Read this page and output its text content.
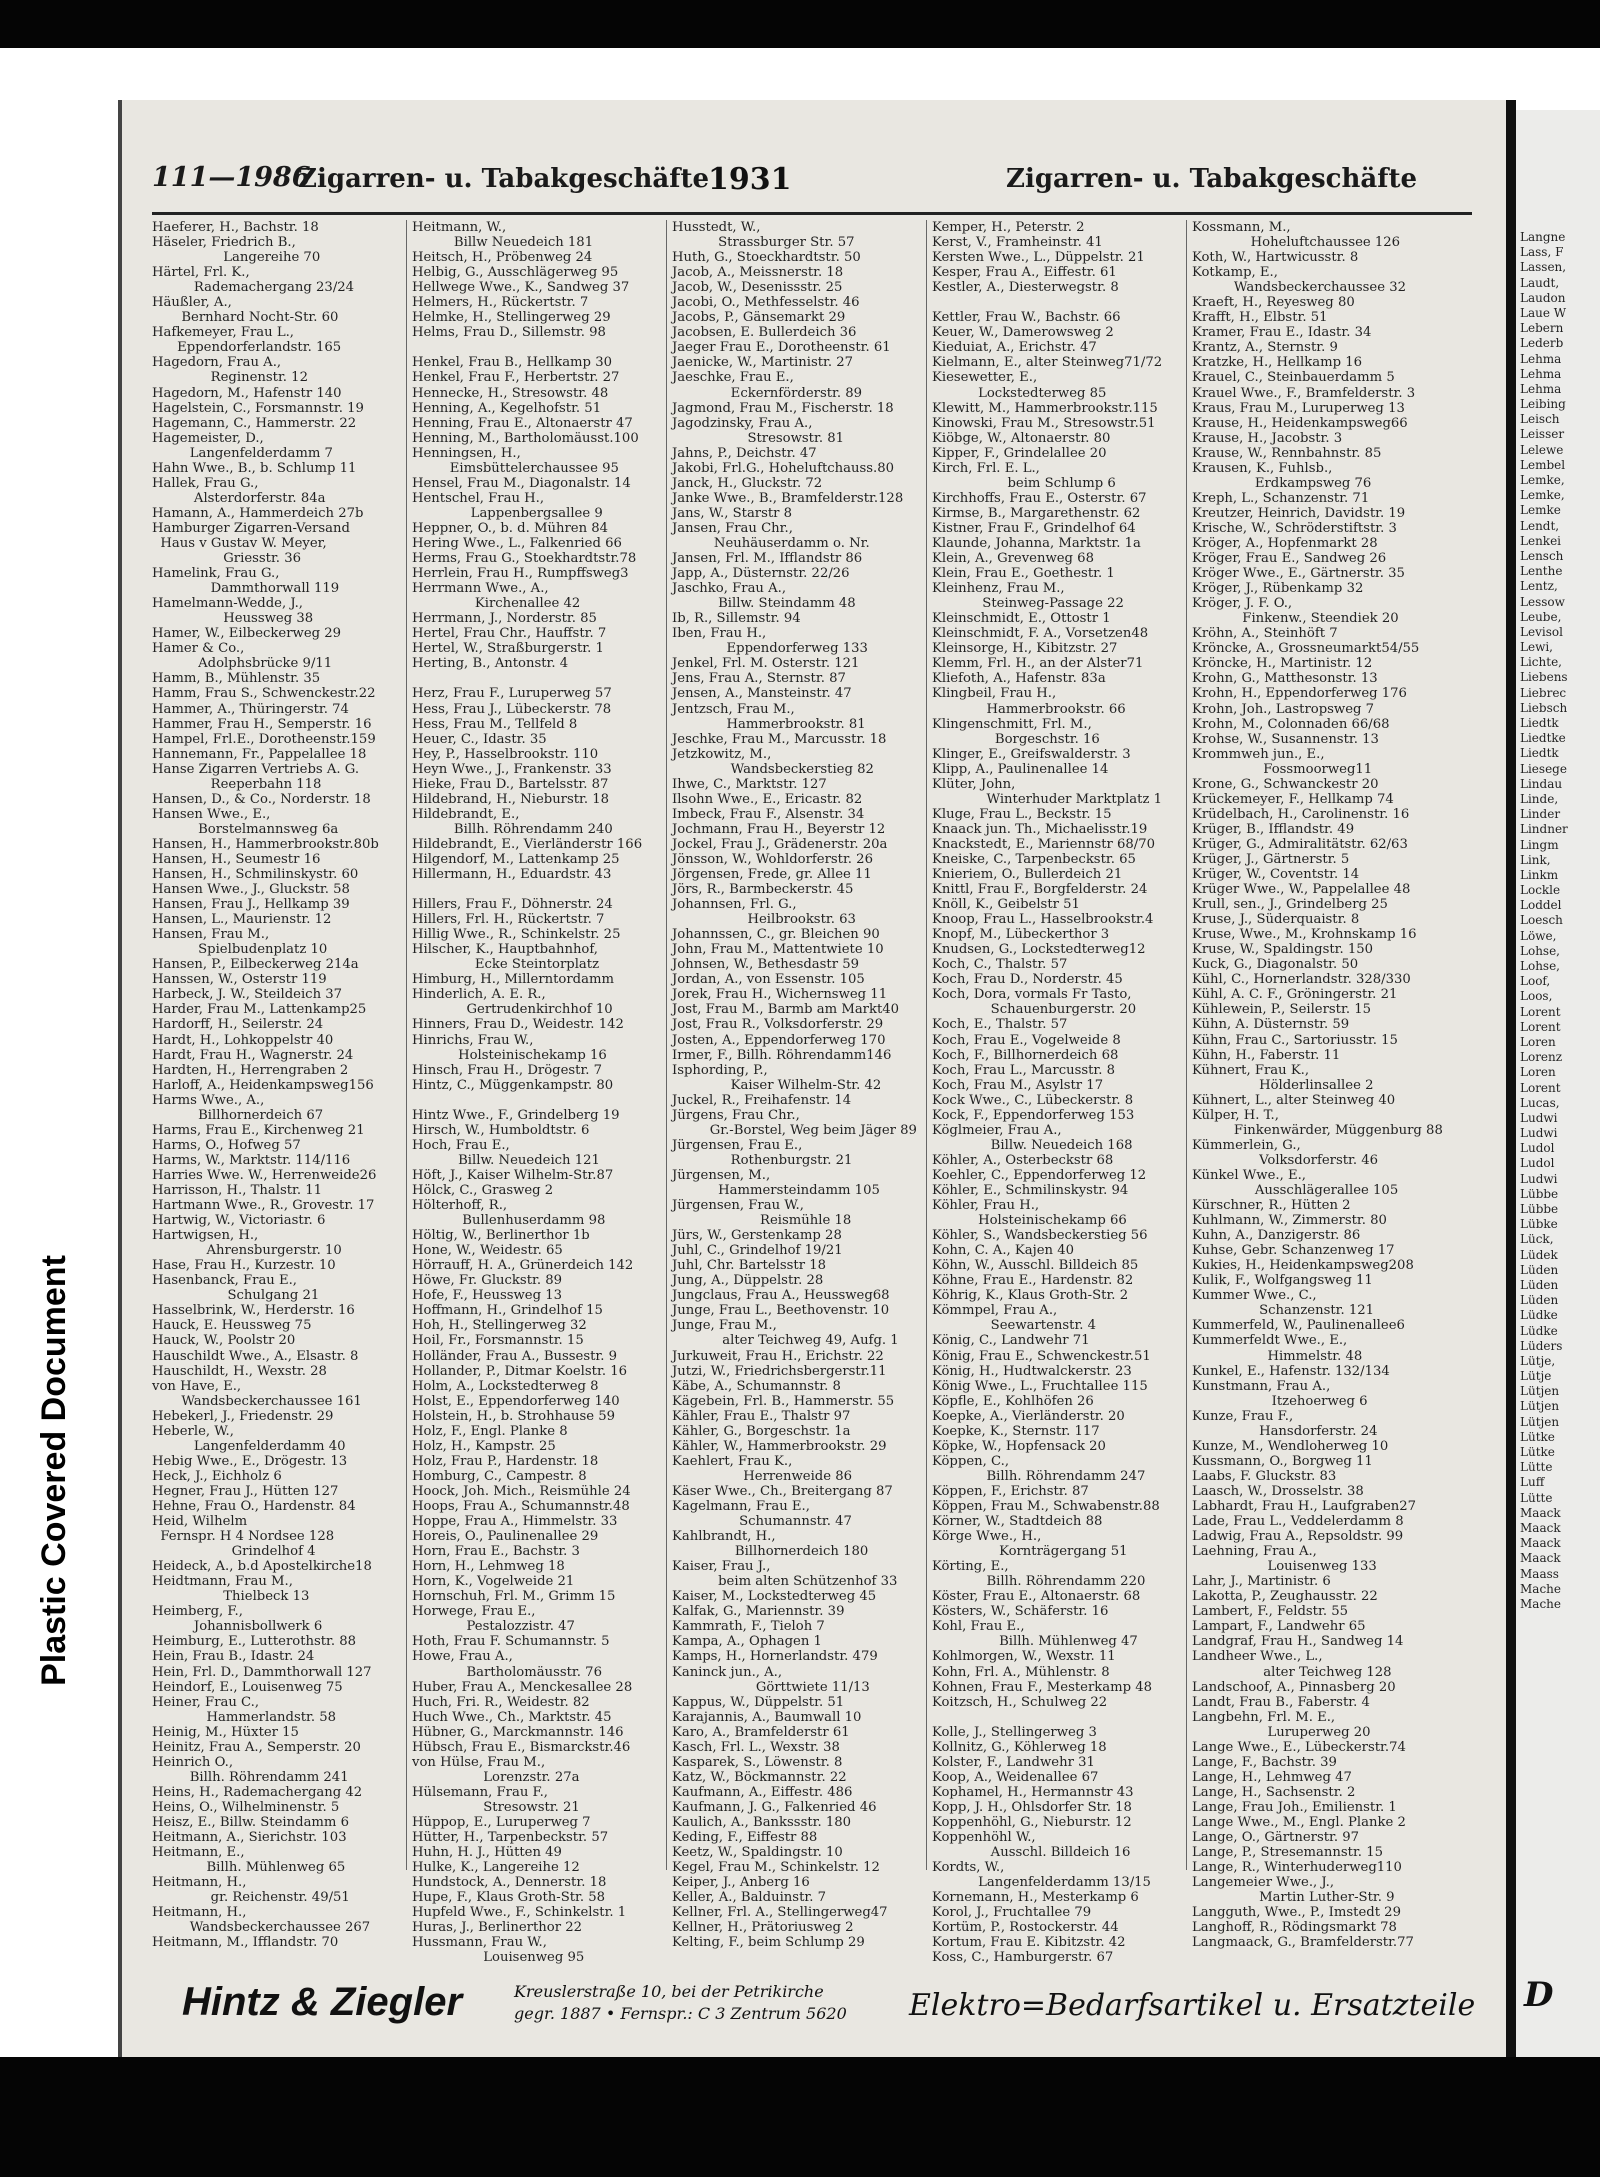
Plastic Covered Document
111—1986
Zigarren- u. Tabakgeschäfte 1931	Zigarren- u. Tabakgeschäfte
Haeferer, H., Bachstr. 18
Häseler, Friedrich B.,
Langereihe 70
Härtel, Frl. K.,
Rademachergang 23/24
Häußler, A.,
Bernhard Nocht-Str. 60
Hafkemeyer, Frau L.,
Eppendorferlandstr. 165
Hagedorn, Frau A.,
Reginenstr. 12
Hagedorn, M., Hafenstr 140
Hagelstein, C., Forsmannstr. 19
Hagemann, C., Hammerstr. 22
Hagemeister, D.,
Langenfelderdamm 7
Hahn Wwe., B., b. Schlump 11
Hallek, Frau G.,
Alsterdorferstr. 84a
Hamann, A., Hammerdeich 27b
Hamburger Zigarren-Versand
Haus v Gustav W. Meyer,
Griesstr. 36
Hamelink, Frau G.,
Dammthorwall 119
Hamelmann-Wedde, J.,
Heussweg 38
Hamer, W., Eilbeckerweg 29
Hamer & Co.,
Adolphsbrücke 9/11
Hamm, B., Mühlenstr. 35
Hamm, Frau S., Schwenckestr.22
Hammer, A., Thüringerstr. 74
Hammer, Frau H., Semperstr. 16
Hampel, Frl.E., Dorotheenstr.159
Hannemann, Fr., Pappelallee 18
Hanse Zigarren Vertriebs A. G.
Reeperbahn 118
Hansen, D., & Co., Norderstr. 18
Hansen Wwe., E.,
Borstelmannsweg 6a
Hansen, H., Hammerbrookstr.80b
Hansen, H., Seumestr 16
Hansen, H., Schmilinskystr. 60
Hansen Wwe., J., Gluckstr. 58
Hansen, Frau J., Hellkamp 39
Hansen, L., Maurienstr. 12
Hansen, Frau M.,
Spielbudenplatz 10
Hansen, P., Eilbeckerweg 214a
Hanssen, W., Osterstr 119
Harbeck, J. W., Steildeich 37
Harder, Frau M., Lattenkamp25
Hardorff, H., Seilerstr. 24
Hardt, H., Lohkoppelstr 40
Hardt, Frau H., Wagnerstr. 24
Hardten, H., Herrengraben 2
Harloff, A., Heidenkampsweg156
Harms Wwe., A.,
Billhornerdeich 67
Harms, Frau E., Kirchenweg 21
Harms, O., Hofweg 57
Harms, W., Marktstr. 114/116
Harries Wwe. W., Herrenweide26
Harrisson, H., Thalstr. 11
Hartmann Wwe., R., Grovestr. 17
Hartwig, W., Victoriastr. 6
Hartwigsen, H.,
Ahrensburgerstr. 10
Hase, Frau H., Kurzestr. 10
Hasenbanck, Frau E.,
Schulgang 21
Hasselbrink, W., Herderstr. 16
Hauck, E. Heussweg 75
Hauck, W., Poolstr 20
Hauschildt Wwe., A., Elsastr. 8
Hauschildt, H., Wexstr. 28
von Have, E.,
Wandsbeckerchaussee 161
Hebekerl, J., Friedenstr. 29
Heberle, W.,
Langenfelderdamm 40
Hebig Wwe., E., Drögestr. 13
Heck, J., Eichholz 6
Hegner, Frau J., Hütten 127
Hehne, Frau O., Hardenstr. 84
Heid, Wilhelm
Fernspr. H 4 Nordsee 128
Grindelhof 4
Heideck, A., b.d Apostelkirche18
Heidtmann, Frau M.,
Thielbeck 13
Heimberg, F.,
Johannisbollwerk 6
Heimburg, E., Lutterothstr. 88
Hein, Frau B., Idastr. 24
Hein, Frl. D., Dammthorwall 127
Heindorf, E., Louisenweg 75
Heiner, Frau C.,
Hammerlandstr. 58
Heinig, M., Hüxter 15
Heinitz, Frau A., Semperstr. 20
Heinrich O.,
Billh. Röhrendamm 241
Heins, H., Rademachergang 42
Heins, O., Wilhelminenstr. 5
Heisz, E., Billw. Steindamm 6
Heitmann, A., Sierichstr. 103
Heitmann, E.,
Billh. Mühlenweg 65
Heitmann, H.,
gr. Reichenstr. 49/51
Heitmann, H.,
Wandsbeckerchaussee 267
Heitmann, M., Ifflandstr. 70
Heitmann, W.,
Billw Neuedeich 181
Heitsch, H., Pröbenweg 24
Helbig, G., Ausschlägerweg 95
Hellwege Wwe., K., Sandweg 37
Helmers, H., Rückertstr. 7
Helmke, H., Stellingerweg 29
Helms, Frau D., Sillemstr. 98
Henkel, Frau B., Hellkamp 30
Henkel, Frau F., Herbertstr. 27
Hennecke, H., Stresowstr. 48
Henning, A., Kegelhofstr. 51
Henning, Frau E., Altonaerstr 47
Henning, M., Bartholomäusst.100
Henningsen, H.,
Eimsbüttelerchaussee 95
Hensel, Frau M., Diagonalstr. 14
Hentschel, Frau H.,
Lappenbergsallee 9
Heppner, O., b. d. Mühren 84
Hering Wwe., L., Falkenried 66
Herms, Frau G., Stoekhardtstr.78
Herrlein, Frau H., Rumpffsweg3
Herrmann Wwe., A.,
Kirchenallee 42
Herrmann, J., Norderstr. 85
Hertel, Frau Chr., Hauffstr. 7
Hertel, W., Straßburgerstr. 1
Herting, B., Antonstr. 4
Herz, Frau F., Luruperweg 57
Hess, Frau J., Lübeckerstr. 78
Hess, Frau M., Tellfeld 8
Heuer, C., Idastr. 35
Hey, P., Hasselbrookstr. 110
Heyn Wwe., J., Frankenstr. 33
Hieke, Frau D., Bartelsstr. 87
Hildebrand, H., Nieburstr. 18
Hildebrandt, E.,
Billh. Röhrendamm 240
Hildebrandt, E., Vierländerstr 166
Hilgendorf, M., Lattenkamp 25
Hillermann, H., Eduardstr. 43
Hillers, Frau F., Döhnerstr. 24
Hillers, Frl. H., Rückertstr. 7
Hillig Wwe., R., Schinkelstr. 25
Hilscher, K., Hauptbahnhof,
Ecke Steintorplatz
Himburg, H., Millerntordamm
Hinderlich, A. E. R.,
Gertrudenkirchhof 10
Hinners, Frau D., Weidestr. 142
Hinrichs, Frau W.,
Holsteinischekamp 16
Hinsch, Frau H., Drögestr. 7
Hintz, C., Müggenkampstr. 80
Hintz Wwe., F., Grindelberg 19
Hirsch, W., Humboldtstr. 6
Hoch, Frau E.,
Billw. Neuedeich 121
Höft, J., Kaiser Wilhelm-Str.87
Hölck, C., Grasweg 2
Hölterhoff, R.,
Bullenhuserdamm 98
Höltig, W., Berlinerthor 1b
Hone, W., Weidestr. 65
Hörrauff, H. A., Grünerdeich 142
Höwe, Fr. Gluckstr. 89
Hofe, F., Heussweg 13
Hoffmann, H., Grindelhof 15
Hoh, H., Stellingerweg 32
Hoil, Fr., Forsmannstr. 15
Holländer, Frau A., Bussestr. 9
Hollander, P., Ditmar Koelstr. 16
Holm, A., Lockstedterweg 8
Holst, E., Eppendorferweg 140
Holstein, H., b. Strohhause 59
Holz, F., Engl. Planke 8
Holz, H., Kampstr. 25
Holz, Frau P., Hardenstr. 18
Homburg, C., Campestr. 8
Hoock, Joh. Mich., Reismühle 24
Hoops, Frau A., Schumannstr.48
Hoppe, Frau A., Himmelstr. 33
Horeis, O., Paulinenallee 29
Horn, Frau E., Bachstr. 3
Horn, H., Lehmweg 18
Horn, K., Vogelweide 21
Hornschuh, Frl. M., Grimm 15
Horwege, Frau E.,
Pestalozzistr. 47
Hoth, Frau F. Schumannstr. 5
Howe, Frau A.,
Bartholomäusstr. 76
Huber, Frau A., Menckesallee 28
Huch, Fri. R., Weidestr. 82
Huch Wwe., Ch., Marktstr. 45
Hübner, G., Marckmannstr. 146
Hübsch, Frau E., Bismarckstr.46
von Hülse, Frau M.,
Lorenzstr. 27a
Hülsemann, Frau F.,
Stresowstr. 21
Hüppop, E., Luruperweg 7
Hütter, H., Tarpenbeckstr. 57
Huhn, H. J., Hütten 49
Hulke, K., Langereihe 12
Hundstock, A., Dennerstr. 18
Hupe, F., Klaus Groth-Str. 58
Hupfeld Wwe., F., Schinkelstr. 1
Huras, J., Berlinerthor 22
Hussmann, Frau W.,
Louisenweg 95
Husstedt, W.,
Strassburger Str. 57
Huth, G., Stoeckhardtstr. 50
Jacob, A., Meissnerstr. 18
Jacob, W., Desenissstr. 25
Jacobi, O., Methfesselstr. 46
Jacobs, P., Gänsemarkt 29
Jacobsen, E. Bullerdeich 36
Jaeger Frau E., Dorotheenstr. 61
Jaenicke, W., Martinistr. 27
Jaeschke, Frau E.,
Eckernförderstr. 89
Jagmond, Frau M., Fischerstr. 18
Jagodzinsky, Frau A.,
Stresowstr. 81
Jahns, P., Deichstr. 47
Jakobi, Frl.G., Hoheluftchauss.80
Janck, H., Gluckstr. 72
Janke Wwe., B., Bramfelderstr.128
Jans, W., Starstr 8
Jansen, Frau Chr.,
Neuhäuserdamm o. Nr.
Jansen, Frl. M., Ifflandstr 86
Japp, A., Düsternstr. 22/26
Jaschko, Frau A.,
Billw. Steindamm 48
Ib, R., Sillemstr. 94
Iben, Frau H.,
Eppendorferweg 133
Jenkel, Frl. M. Osterstr. 121
Jens, Frau A., Sternstr. 87
Jensen, A., Mansteinstr. 47
Jentzsch, Frau M.,
Hammerbrookstr. 81
Jeschke, Frau M., Marcusstr. 18
Jetzkowitz, M.,
Wandsbeckerstieg 82
Ihwe, C., Marktstr. 127
Ilsohn Wwe., E., Ericastr. 82
Imbeck, Frau F., Alsenstr. 34
Jochmann, Frau H., Beyerstr 12
Jockel, Frau J., Grädenerstr. 20a
Jönsson, W., Wohldorferstr. 26
Jörgensen, Frede, gr. Allee 11
Jörs, R., Barmbeckerstr. 45
Johannsen, Frl. G.,
Heilbrookstr. 63
Johannssen, C., gr. Bleichen 90
John, Frau M., Mattentwiete 10
Johnsen, W., Bethesdastr 59
Jordan, A., von Essenstr. 105
Jorek, Frau H., Wichernsweg 11
Jost, Frau M., Barmb am Markt40
Jost, Frau R., Volksdorferstr. 29
Josten, A., Eppendorferweg 170
Irmer, F., Billh. Röhrendamm146
Isphording, P.,
Kaiser Wilhelm-Str. 42
Juckel, R., Freihafenstr. 14
Jürgens, Frau Chr.,
Gr.-Borstel, Weg beim Jäger 89
Jürgensen, Frau E.,
Rothenburgstr. 21
Jürgensen, M.,
Hammersteindamm 105
Jürgensen, Frau W.,
Reismühle 18
Jürs, W., Gerstenkamp 28
Juhl, C., Grindelhof 19/21
Juhl, Chr. Bartelsstr 18
Jung, A., Düppelstr. 28
Jungclaus, Frau A., Heussweg68
Junge, Frau L., Beethovenstr. 10
Junge, Frau M.,
alter Teichweg 49, Aufg. 1
Jurkuweit, Frau H., Erichstr. 22
Jutzi, W., Friedrichsbergerstr.11
Käbe, A., Schumannstr. 8
Kägebein, Frl. B., Hammerstr. 55
Kähler, Frau E., Thalstr 97
Kähler, G., Borgeschstr. 1a
Kähler, W., Hammerbrookstr. 29
Kaehlert, Frau K.,
Herrenweide 86
Käser Wwe., Ch., Breitergang 87
Kagelmann, Frau E.,
Schumannstr. 47
Kahlbrandt, H.,
Billhornerdeich 180
Kaiser, Frau J.,
beim alten Schützenhof 33
Kaiser, M., Lockstedterweg 45
Kalfak, G., Mariennstr. 39
Kammrath, F., Tieloh 7
Kampa, A., Ophagen 1
Kamps, H., Hornerlandstr. 479
Kaninck jun., A.,
Görttwiete 11/13
Kappus, W., Düppelstr. 51
Karajannis, A., Baumwall 10
Karo, A., Bramfelderstr 61
Kasch, Frl. L., Wexstr. 38
Kasparek, S., Löwenstr. 8
Katz, W., Böckmannstr. 22
Kaufmann, A., Eiffestr. 486
Kaufmann, J. G., Falkenried 46
Kaulich, A., Bankssstr. 180
Keding, F., Eiffestr 88
Keetz, W., Spaldingstr. 10
Kegel, Frau M., Schinkelstr. 12
Keiper, J., Anberg 16
Keller, A., Balduinstr. 7
Kellner, Frl. A., Stellingerweg47
Kellner, H., Prätoriusweg 2
Kelting, F., beim Schlump 29
Kemper, H., Peterstr. 2
Kerst, V., Framheinstr. 41
Kersten Wwe., L., Düppelstr. 21
Kesper, Frau A., Eiffestr. 61
Kestler, A., Diesterwegstr. 8
Kettler, Frau W., Bachstr. 66
Keuer, W., Damerowsweg 2
Kieduiat, A., Erichstr. 47
Kielmann, E., alter Steinweg71/72
Kiesewetter, E.,
Lockstedterweg 85
Klewitt, M., Hammerbrookstr.115
Kinowski, Frau M., Stresowstr.51
Kiöbge, W., Altonaerstr. 80
Kipper, F., Grindelallee 20
Kirch, Frl. E. L.,
beim Schlump 6
Kirchhoffs, Frau E., Osterstr. 67
Kirmse, B., Margarethenstr. 62
Kistner, Frau F., Grindelhof 64
Klaunde, Johanna, Marktstr. 1a
Klein, A., Grevenweg 68
Klein, Frau E., Goethestr. 1
Kleinhenz, Frau M.,
Steinweg-Passage 22
Kleinschmidt, E., Ottostr 1
Kleinschmidt, F. A., Vorsetzen48
Kleinsorge, H., Kibitzstr. 27
Klemm, Frl. H., an der Alster71
Kliefoth, A., Hafenstr. 83a
Klingbeil, Frau H.,
Hammerbrookstr. 66
Klingenschmitt, Frl. M.,
Borgeschstr. 16
Klinger, E., Greifswalderstr. 3
Klipp, A., Paulinenallee 14
Klüter, John,
Winterhuder Marktplatz 1
Kluge, Frau L., Beckstr. 15
Knaack jun. Th., Michaelisstr.19
Knackstedt, E., Mariennstr 68/70
Kneiske, C., Tarpenbeckstr. 65
Knieriem, O., Bullerdeich 21
Knittl, Frau F., Borgfelderstr. 24
Knöll, K., Geibelstr 51
Knoop, Frau L., Hasselbrookstr.4
Knopf, M., Lübeckerthor 3
Knudsen, G., Lockstedterweg12
Koch, C., Thalstr. 57
Koch, Frau D., Norderstr. 45
Koch, Dora, vormals Fr Tasto,
Schauenburgerstr. 20
Koch, E., Thalstr. 57
Koch, Frau E., Vogelweide 8
Koch, F., Billhornerdeich 68
Koch, Frau L., Marcusstr. 8
Koch, Frau M., Asylstr 17
Kock Wwe., C., Lübeckerstr. 8
Kock, F., Eppendorferweg 153
Köglmeier, Frau A.,
Billw. Neuedeich 168
Köhler, A., Osterbeckstr 68
Koehler, C., Eppendorferweg 12
Köhler, E., Schmilinskystr. 94
Köhler, Frau H.,
Holsteinischekamp 66
Köhler, S., Wandsbeckerstieg 56
Kohn, C. A., Kajen 40
Köhn, W., Ausschl. Billdeich 85
Köhne, Frau E., Hardenstr. 82
Köhrig, K., Klaus Groth-Str. 2
Kömmpel, Frau A.,
Seewartenstr. 4
König, C., Landwehr 71
König, Frau E., Schwenckestr.51
König, H., Hudtwalckerstr. 23
König Wwe., L., Fruchtallee 115
Köpfle, E., Kohlhöfen 26
Koepke, A., Vierländerstr. 20
Koepke, K., Sternstr. 117
Köpke, W., Hopfensack 20
Köppen, C.,
Billh. Röhrendamm 247
Köppen, F., Erichstr. 87
Köppen, Frau M., Schwabenstr.88
Körner, W., Stadtdeich 88
Körge Wwe., H.,
Kornträgergang 51
Körting, E.,
Billh. Röhrendamm 220
Köster, Frau E., Altonaerstr. 68
Kösters, W., Schäferstr. 16
Kohl, Frau E.,
Billh. Mühlenweg 47
Kohlmorgen, W., Wexstr. 11
Kohn, Frl. A., Mühlenstr. 8
Kohnen, Frau F., Mesterkamp 48
Koitzsch, H., Schulweg 22
Kolle, J., Stellingerweg 3
Kollnitz, G., Köhlerweg 18
Kolster, F., Landwehr 31
Koop, A., Weidenallee 67
Kophamel, H., Hermannstr 43
Kopp, J. H., Ohlsdorfer Str. 18
Koppenhöhl, G., Nieburstr. 12
Koppenhöhl W.,
Ausschl. Billdeich 16
Kordts, W.,
Langenfelderdamm 13/15
Kornemann, H., Mesterkamp 6
Korol, J., Fruchtallee 79
Kortüm, P., Rostockerstr. 44
Kortum, Frau E. Kibitzstr. 42
Koss, C., Hamburgerstr. 67
Kossmann, M.,
Hoheluftchaussee 126
Koth, W., Hartwicusstr. 8
Kotkamp, E.,
Wandsbeckerchaussee 32
Kraeft, H., Reyesweg 80
Krafft, H., Elbstr. 51
Kramer, Frau E., Idastr. 34
Krantz, A., Sternstr. 9
Kratzke, H., Hellkamp 16
Krauel, C., Steinbauerdamm 5
Krauel Wwe., F., Bramfelderstr. 3
Kraus, Frau M., Luruperweg 13
Krause, H., Heidenkampsweg66
Krause, H., Jacobstr. 3
Krause, W., Rennbahnstr. 85
Krausen, K., Fuhlsb.,
Erdkampsweg 76
Kreph, L., Schanzenstr. 71
Kreutzer, Heinrich, Davidstr. 19
Krische, W., Schröderstiftstr. 3
Kröger, A., Hopfenmarkt 28
Kröger, Frau E., Sandweg 26
Kröger Wwe., E., Gärtnerstr. 35
Kröger, J., Rübenkamp 32
Kröger, J. F. O.,
Finkenw., Steendiek 20
Kröhn, A., Steinhöft 7
Kröncke, A., Grossneumarkt54/55
Kröncke, H., Martinistr. 12
Krohn, G., Matthesonstr. 13
Krohn, H., Eppendorferweg 176
Krohn, Joh., Lastropsweg 7
Krohn, M., Colonnaden 66/68
Krohse, W., Susannenstr. 13
Krommweh jun., E.,
Fossmoorweg11
Krone, G., Schwanckestr 20
Krückemeyer, F., Hellkamp 74
Krüdelbach, H., Carolinenstr. 16
Krüger, B., Ifflandstr. 49
Krüger, G., Admiralitätstr. 62/63
Krüger, J., Gärtnerstr. 5
Krüger, W., Coventstr. 14
Krüger Wwe., W., Pappelallee 48
Krull, sen., J., Grindelberg 25
Kruse, J., Süderquaistr. 8
Kruse, Wwe., M., Krohnskamp 16
Kruse, W., Spaldingstr. 150
Kuck, G., Diagonalstr. 50
Kühl, C., Hornerlandstr. 328/330
Kühl, A. C. F., Gröningerstr. 21
Kühlewein, P., Seilerstr. 15
Kühn, A. Düsternstr. 59
Kühn, Frau C., Sartoriusstr. 15
Kühn, H., Faberstr. 11
Kühnert, Frau K.,
Hölderlinsallee 2
Kühnert, L., alter Steinweg 40
Külper, H. T.,
Finkenwärder, Müggenburg 88
Kümmerlein, G.,
Volksdorferstr. 46
Künkel Wwe., E.,
Ausschlägerallee 105
Kürschner, R., Hütten 2
Kuhlmann, W., Zimmerstr. 80
Kuhn, A., Danzigerstr. 86
Kuhse, Gebr. Schanzenweg 17
Kukies, H., Heidenkampsweg208
Kulik, F., Wolfgangsweg 11
Kummer Wwe., C.,
Schanzenstr. 121
Kummerfeld, W., Paulinenallee6
Kummerfeldt Wwe., E.,
Himmelstr. 48
Kunkel, E., Hafenstr. 132/134
Kunstmann, Frau A.,
Itzehoerweg 6
Kunze, Frau F.,
Hansdorferstr. 24
Kunze, M., Wendloherweg 10
Kussmann, O., Borgweg 11
Laabs, F. Gluckstr. 83
Laasch, W., Drosselstr. 38
Labhardt, Frau H., Laufgraben27
Lade, Frau L., Veddelerdamm 8
Ladwig, Frau A., Repsoldstr. 99
Laehning, Frau A.,
Louisenweg 133
Lahr, J., Martinistr. 6
Lakotta, P., Zeughausstr. 22
Lambert, F., Feldstr. 55
Lampart, F., Landwehr 65
Landgraf, Frau H., Sandweg 14
Landheer Wwe., L.,
alter Teichweg 128
Landschoof, A., Pinnasberg 20
Landt, Frau B., Faberstr. 4
Langbehn, Frl. M. E.,
Luruperweg 20
Lange Wwe., E., Lübeckerstr.74
Lange, F., Bachstr. 39
Lange, H., Lehmweg 47
Lange, H., Sachsenstr. 2
Lange, Frau Joh., Emilienstr. 1
Lange Wwe., M., Engl. Planke 2
Lange, O., Gärtnerstr. 97
Lange, P., Stresemannstr. 15
Lange, R., Winterhuderweg110
Langemeier Wwe., J.,
Martin Luther-Str. 9
Langguth, Wwe., P., Imstedt 29
Langhoff, R., Rödingsmarkt 78
Langmaack, G., Bramfelderstr.77
Hintz & Ziegler	Kreuslerstraße 10, bei der Petrikirche
gegr. 1887 • Fernspr.: C 3 Zentrum 5620 Elektro=Bedarfsartikel u. Ersatzteile
Langne
Lass, F
Lassen,
Laudt,
Laudon
Laue W
Lebern
Lederb
Lehma
Lehma
Lehma
Leibing
Leisch
Leisser
Lelewe
Lembel
Lemke,
Lemke,
Lemke
Lendt,
Lenkei
Lensch
Lenthe
Lentz,
Lessow
Leube,
Levisol
Lewi,
Lichte,
Liebens
Liebrec
Liebsch
Liedtk
Liedtke
Liedtk
Liesege
Lindau
Linde,
Linder
Lindner
Lingm
Link,
Linkm
Lockle
Loddel
Loesch
Löwe,
Lohse,
Lohse,
Loof,
Loos,
Lorent
Lorent
Loren
Lorenz
Loren
Lorent
Lucas,
Ludwi
Ludwi
Ludol
Ludol
Ludwi
Lübbe
Lübbe
Lübke
Lück,
Lüdek
Lüden
Lüden
Lüden
Lüdke
Lüdke
Lüders
Lütje,
Lütje
Lütjen
Lütjen
Lütjen
Lütke
Lütke
Lütte
Luff
Lütte
Maack
Maack
Maack
Maack
Maass
Mache
Mache
D
